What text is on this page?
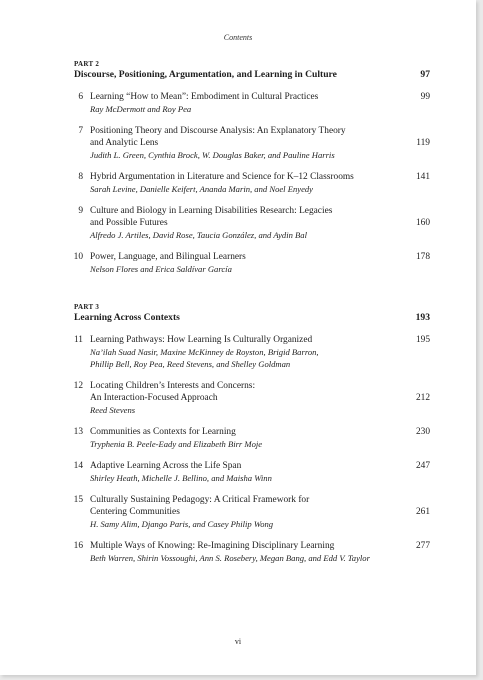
Contents
PART 2
Discourse, Positioning, Argumentation, and Learning in Culture	97
6 Learning “How to Mean”: Embodiment in Cultural Practices
Ray McDermott and Roy Pea
99
7 Positioning Theory and Discourse Analysis: An Explanatory Theory
and Analytic Lens
Judith L. Green, Cynthia Brock, W. Douglas Baker, and Pauline Harris
119
8 Hybrid Argumentation in Literature and Science for K–12 Classrooms
Sarah Levine, Danielle Keifert, Ananda Marin, and Noel Enyedy
141
9 Culture and Biology in Learning Disabilities Research: Legacies
and Possible Futures
Alfredo J. Artiles, David Rose, Taucia González, and Aydin Bal
160
10 Power, Language, and Bilingual Learners
Nelson Flores and Erica Saldívar García
178
PART 3
Learning Across Contexts	193
11 Learning Pathways: How Learning Is Culturally Organized
Na’ilah Suad Nasir, Maxine McKinney de Royston, Brigid Barron,
Phillip Bell, Roy Pea, Reed Stevens, and Shelley Goldman
195
12 Locating Children’s Interests and Concerns:
An Interaction-Focused Approach
Reed Stevens
212
13 Communities as Contexts for Learning
Tryphenia B. Peele-Eady and Elizabeth Birr Moje
230
14 Adaptive Learning Across the Life Span
Shirley Heath, Michelle J. Bellino, and Maisha Winn
247
15 Culturally Sustaining Pedagogy: A Critical Framework for
Centering Communities
H. Samy Alim, Django Paris, and Casey Philip Wong
261
16 Multiple Ways of Knowing: Re-Imagining Disciplinary Learning
Beth Warren, Shirin Vossoughi, Ann S. Rosebery, Megan Bang, and Edd V. Taylor
277
vi
